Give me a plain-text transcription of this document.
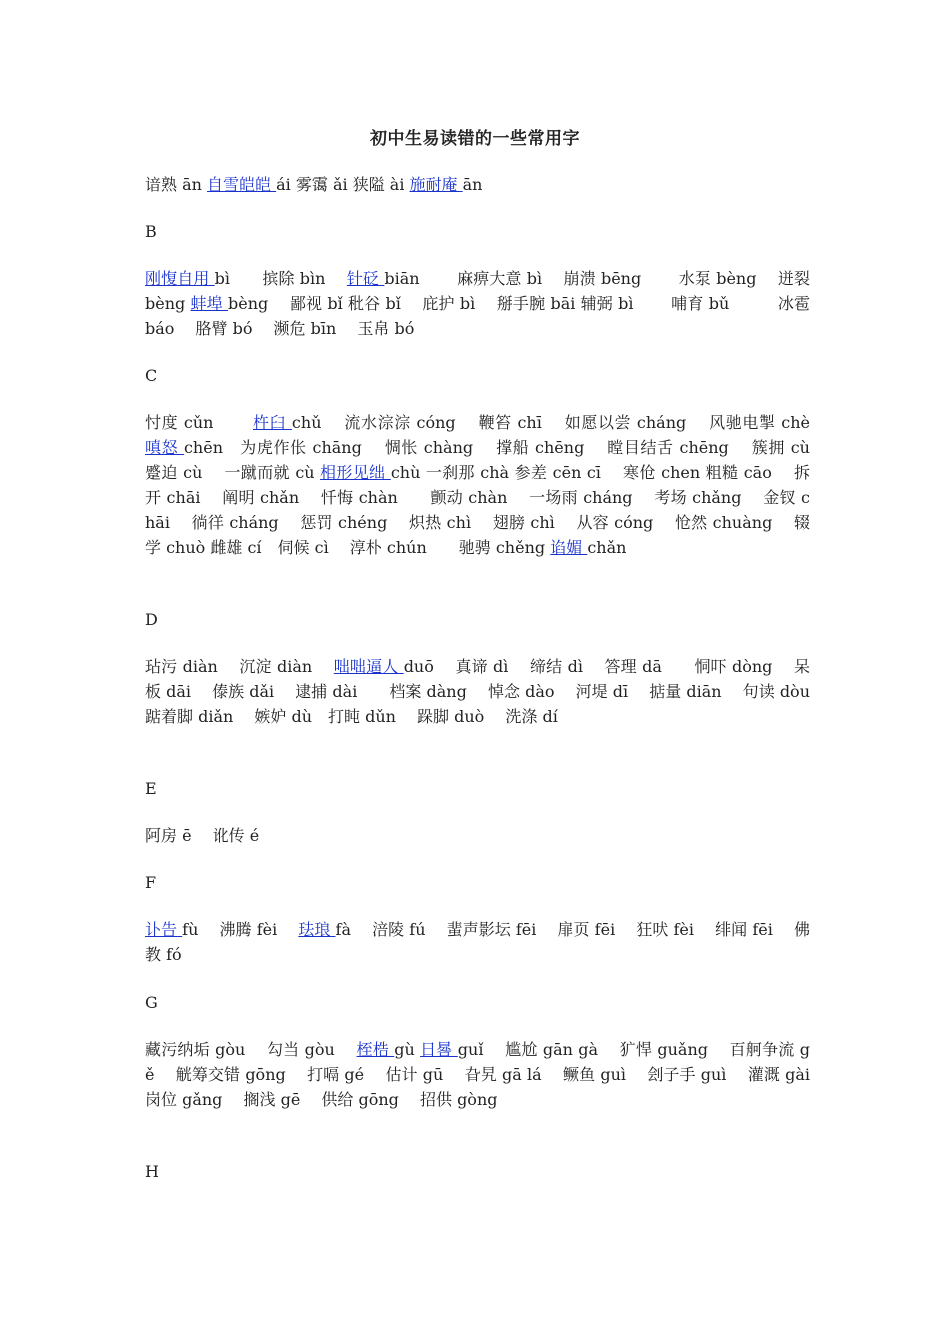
初中生易读错的一些常用字

谙熟 ān 自雪皑皑 ái 雾霭 ǎi 狭隘 ài 施耐庵 ān

B

刚愎自用 bì　　摈除 bìn　 针砭 biān　　 麻痹大意 bì　 崩溃 bēng　　 水泵 bèng　 迸裂 bèng 蚌埠 bèng　 鄙视 bǐ 秕谷 bǐ　 庇护 bì　 掰手腕 bāi 辅弼 bì　　 哺育 bǔ　　　冰雹 báo　 胳臂 bó　 濒危 bīn　 玉帛 bó

C

忖度 cǔn　　 杵臼 chǔ　 流水淙淙 cóng　 鞭笞 chī　 如愿以尝 cháng　 风驰电掣 chè　　 嗔怒 chēn　为虎作伥 chāng　 惆怅 chàng　 撑船 chēng　 瞠目结舌 chēng　 簇拥 cù　　蹙迫 cù　 一蹴而就 cù 相形见绌 chù 一刹那 chà 参差 cēn cī　 寒伧 chen 粗糙 cāo　 拆开 chāi　 阐明 chǎn　 忏悔 chàn　　颤动 chàn　 一场雨 cháng　 考场 chǎng　 金钗 chāi　 徜徉 cháng　 惩罚 chéng　 炽热 chì　 翅膀 chì　 从容 cóng　 怆然 chuàng　 辍学 chuò 雌雄 cí　伺候 cì　 淳朴 chún　　驰骋 chěng 谄媚 chǎn

D

玷污 diàn　 沉淀 diàn　 咄咄逼人 duō　 真谛 dì　 缔结 dì　 答理 dā　　恫吓 dòng　 呆板 dāi　 傣族 dǎi　 逮捕 dài　　档案 dàng　 悼念 dào　 河堤 dī　 掂量 diān　 句读 dòu　 踮着脚 diǎn　 嫉妒 dù　打盹 dǔn　 跺脚 duò　 洗涤 dí

E

阿房 ē　 讹传 é

F

讣告 fù　 沸腾 fèi　 珐琅 fà　 涪陵 fú　 蜚声影坛 fēi　 扉页 fēi　 狂吠 fèi　 绯闻 fēi　 佛教 fó

G

藏污纳垢 gòu　 勾当 gòu　 桎梏 gù 日晷 guǐ　 尴尬 gān gà　 犷悍 guǎng　 百舸争流 gě　 觥筹交错 gōng　 打嗝 gé　 估计 gū　 旮旯 gā lá　 鳜鱼 guì　 刽子手 guì　 灌溉 gài　 岗位 gǎng　 搁浅 gē　 供给 gōng　 招供 gòng

H
